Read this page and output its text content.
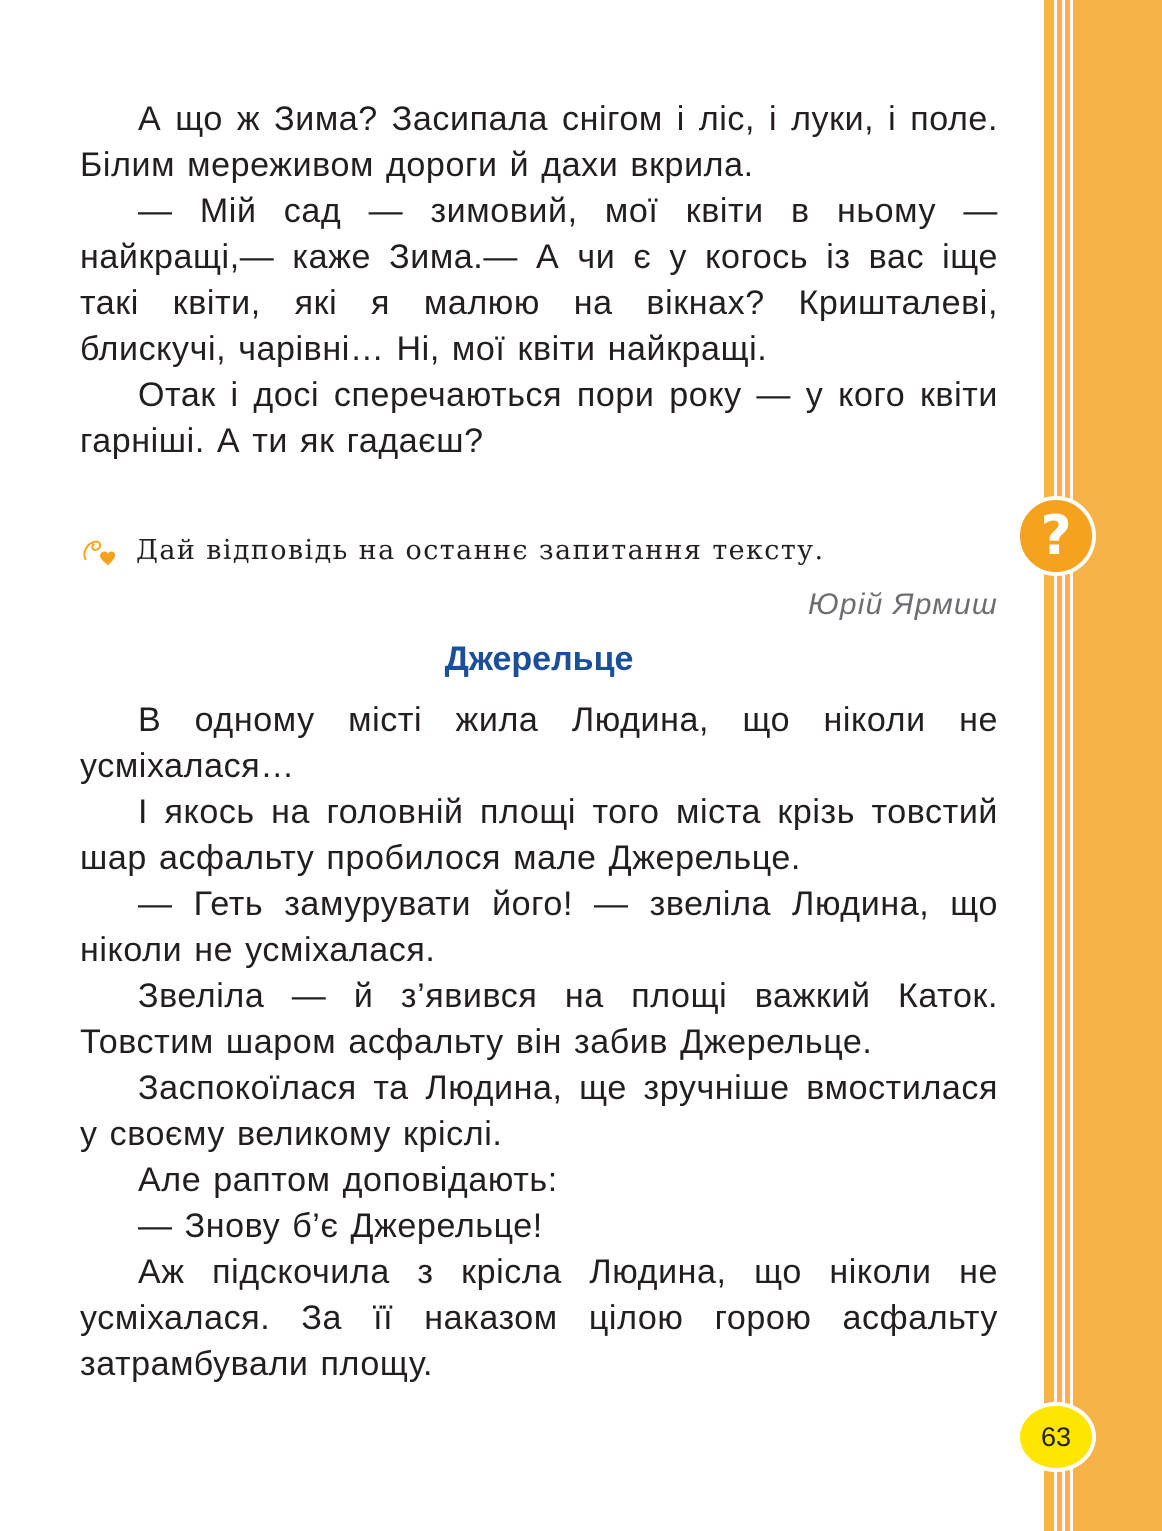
?

А що ж Зима? Засипала снігом і ліс, і луки, і поле. Білим мереживом дороги й дахи вкрила.

— Мій сад — зимовий, мої квіти в ньому — найкращі,— каже Зима.— А чи є у когось із вас іще такі квіти, які я малюю на вікнах? Кришталеві, блискучі, чарівні… Ні, мої квіти найкращі.

Отак і досі сперечаються пори року — у кого квіти гарніші. А ти як гадаєш?

Дай відповідь на останнє запитання тексту.
Юрій Ярмиш
Джерельце

В одному місті жила Людина, що ніколи не усміхалася…

І якось на головній площі того міста крізь товстий шар асфальту пробилося мале Джерельце.

— Геть замурувати його! — звеліла Людина, що ніколи не усміхалася.

Звеліла — й з’явився на площі важкий Каток. Товстим шаром асфальту він забив Джерельце.

Заспокоїлася та Людина, ще зручніше вмостилася у своєму великому кріслі.

Але раптом доповідають:

— Знову б’є Джерельце!

Аж підскочила з крісла Людина, що ніколи не усміхалася. За її наказом цілою горою асфальту затрамбували площу.

63
